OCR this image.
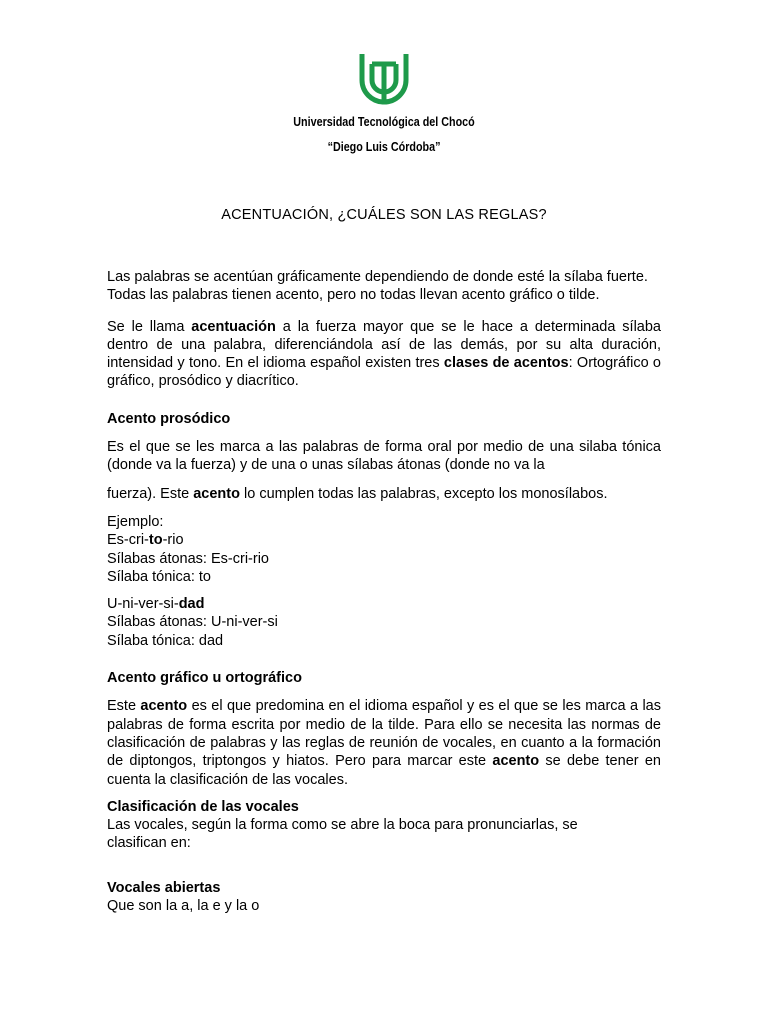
Universidad Tecnológica del Chocó
“Diego Luis Córdoba”
ACENTUACIÓN, ¿CUÁLES SON LAS REGLAS?

Las palabras se acentúan gráficamente dependiendo de donde esté la sílaba fuerte.

Todas las palabras tienen acento, pero no todas llevan acento gráfico o tilde.

Se le llama acentuación a la fuerza mayor que se le hace a determinada sílaba dentro de una palabra, diferenciándola así de las demás, por su alta duración, intensidad y tono. En el idioma español existen tres clases de acentos: Ortográfico o gráfico, prosódico y diacrítico.

Acento prosódico

Es el que se les marca a las palabras de forma oral por medio de una silaba tónica (donde va la fuerza) y de una o unas sílabas átonas (donde no va la

fuerza). Este acento lo cumplen todas las palabras, excepto los monosílabos.

Ejemplo:

Es-cri-to-rio

Sílabas átonas: Es-cri-rio

Sílaba tónica: to

U-ni-ver-si-dad

Sílabas átonas: U-ni-ver-si

Sílaba tónica: dad

Acento gráfico u ortográfico

Este acento es el que predomina en el idioma español y es el que se les marca a las palabras de forma escrita por medio de la tilde. Para ello se necesita las normas de clasificación de palabras y las reglas de reunión de vocales, en cuanto a la formación de diptongos, triptongos y hiatos. Pero para marcar este acento se debe tener en cuenta la clasificación de las vocales.

Clasificación de las vocales

Las vocales, según la forma como se abre la boca para pronunciarlas, se clasifican en:

Vocales abiertas

Que son la a, la e y la o
